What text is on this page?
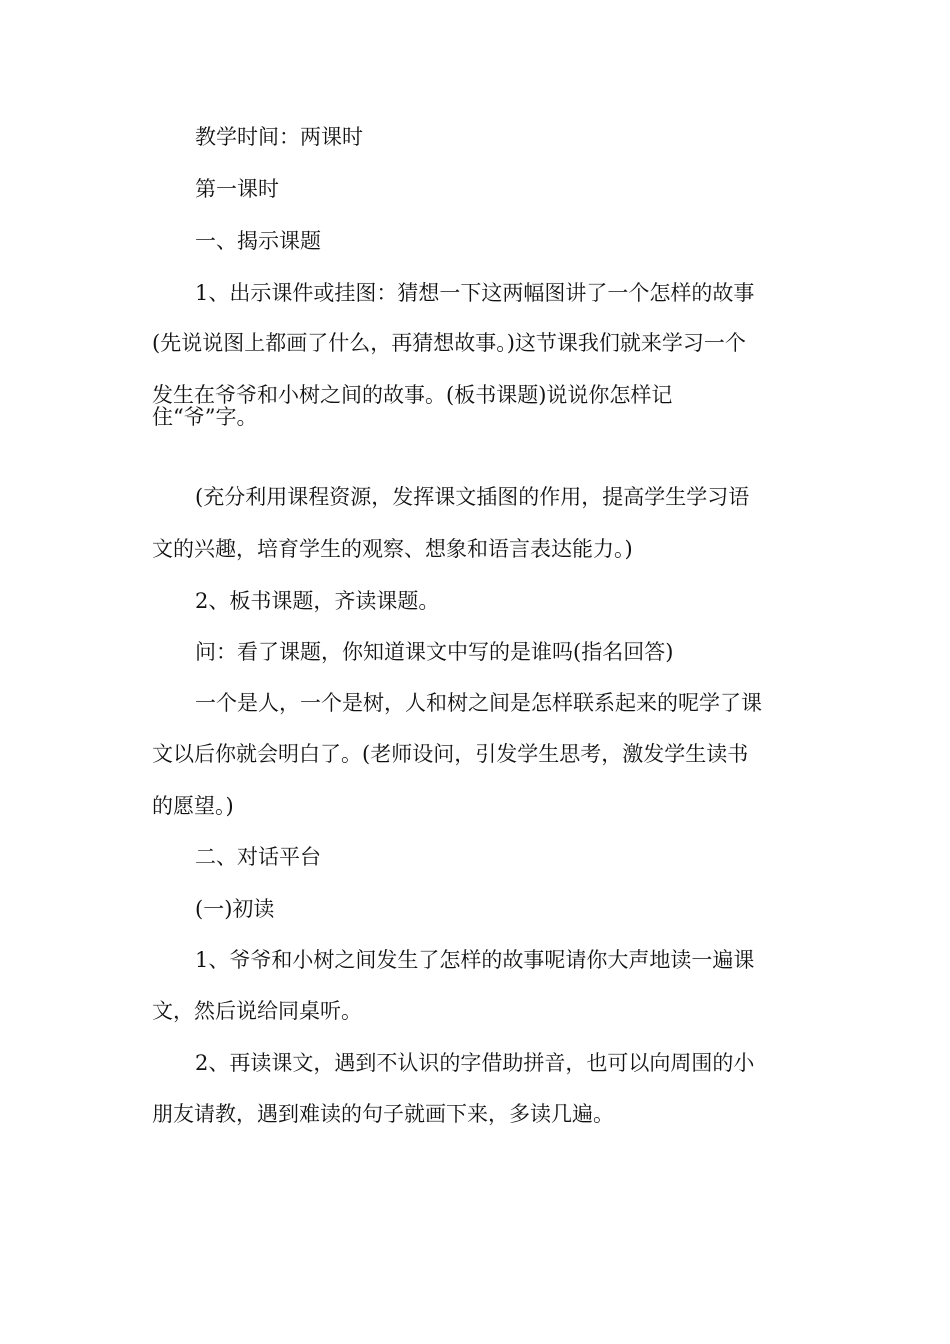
教学时间：两课时
第一课时
一、揭示课题
1、出示课件或挂图：猜想一下这两幅图讲了一个怎样的故事
(先说说图上都画了什么，再猜想故事。)这节课我们就来学习一个
发生在爷爷和小树之间的故事。(板书课题)说说你怎样记
住“爷”字。
(充分利用课程资源，发挥课文插图的作用，提高学生学习语
文的兴趣，培育学生的观察、想象和语言表达能力。)
2、板书课题，齐读课题。
问：看了课题，你知道课文中写的是谁吗(指名回答)
一个是人，一个是树，人和树之间是怎样联系起来的呢学了课
文以后你就会明白了。(老师设问，引发学生思考，激发学生读书
的愿望。)
二、对话平台
(一)初读
1、爷爷和小树之间发生了怎样的故事呢请你大声地读一遍课
文，然后说给同桌听。
2、再读课文，遇到不认识的字借助拼音，也可以向周围的小
朋友请教，遇到难读的句子就画下来，多读几遍。
